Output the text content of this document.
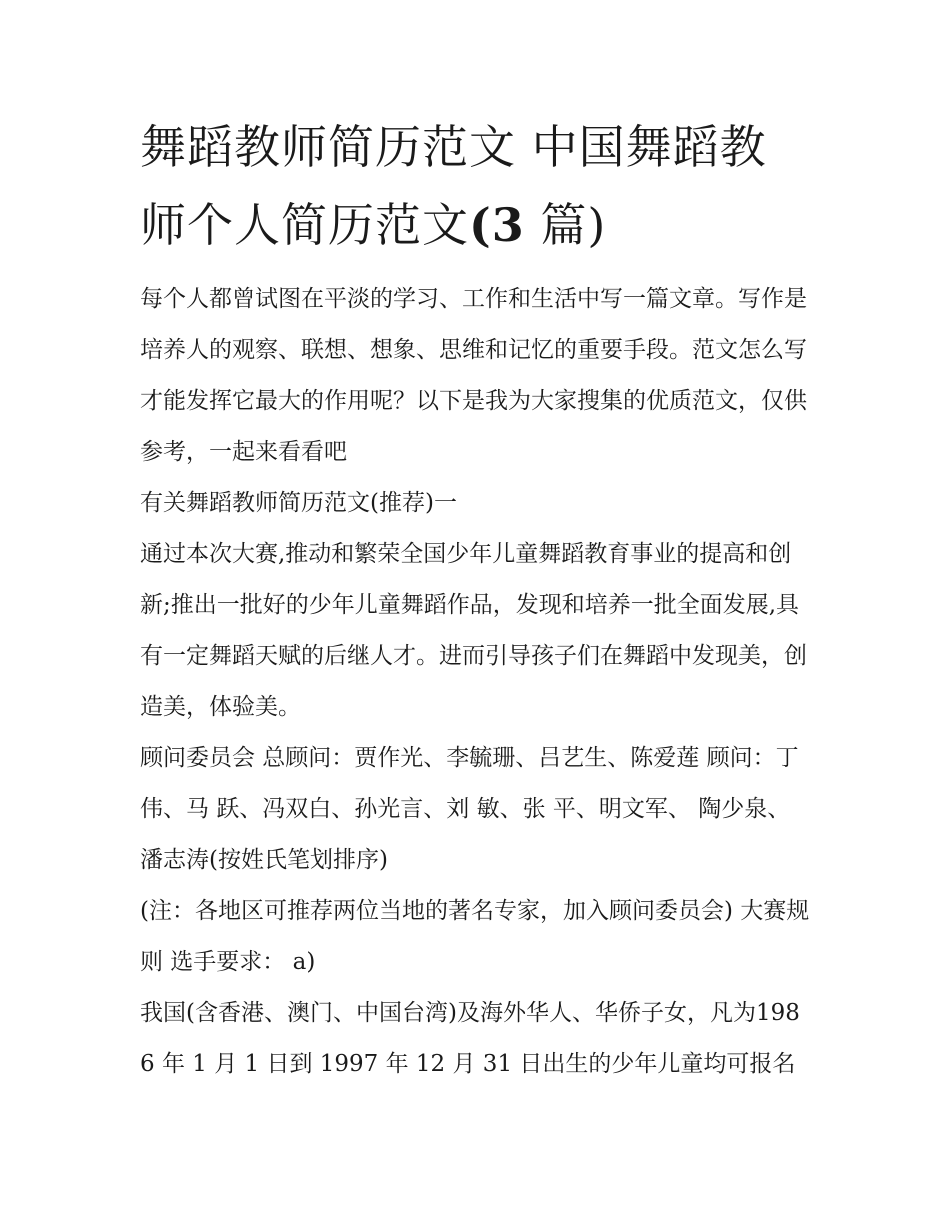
舞蹈教师简历范文 中国舞蹈教师个人简历范文(3 篇)

每个人都曾试图在平淡的学习、工作和生活中写一篇文章。写作是培养人的观察、联想、想象、思维和记忆的重要手段。范文怎么写才能发挥它最大的作用呢？以下是我为大家搜集的优质范文，仅供参考，一起来看看吧

有关舞蹈教师简历范文(推荐)一

通过本次大赛,推动和繁荣全国少年儿童舞蹈教育事业的提高和创新;推出一批好的少年儿童舞蹈作品，发现和培养一批全面发展,具有一定舞蹈天赋的后继人才。进而引导孩子们在舞蹈中发现美，创造美，体验美。

顾问委员会 总顾问：贾作光、李毓珊、吕艺生、陈爱莲 顾问：丁 伟、马 跃、冯双白、孙光言、刘 敏、张 平、明文军、 陶少泉、潘志涛(按姓氏笔划排序)

(注：各地区可推荐两位当地的著名专家，加入顾问委员会) 大赛规则 选手要求： a)

我国(含香港、澳门、中国台湾)及海外华人、华侨子女，凡为1986 年 1 月 1 日到 1997 年 12 月 31 日出生的少年儿童均可报名
